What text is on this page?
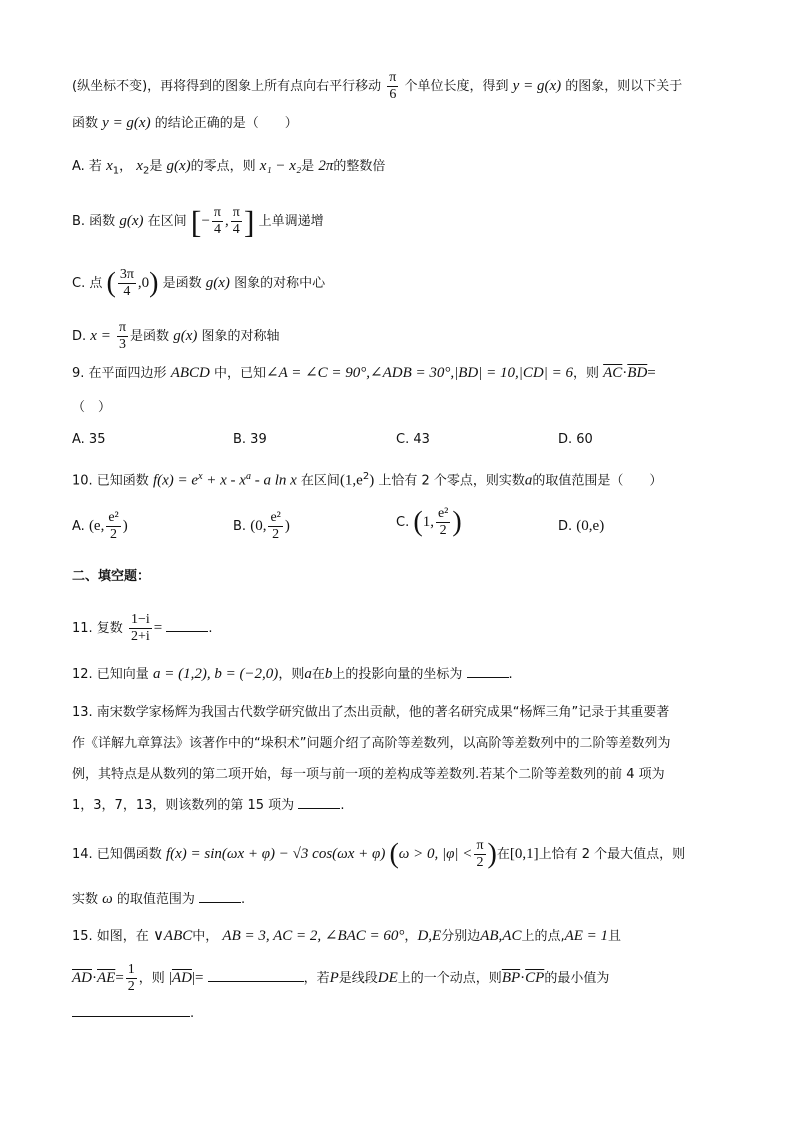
(纵坐标不变)，再将得到的图象上所有点向右平行移动 $\frac{\pi}{6}$ 个单位长度，得到 y = g(x) 的图象，则以下关于
函数 y = g(x) 的结论正确的是（　　）
A. 若 $x_1$， $x_2$是 g(x)的零点，则 x₁ − x₂是 2π的整数倍
B. 函数 g(x) 在区间 [− $\frac{\pi}{4}$ , $\frac{\pi}{4}$ ] 上单调递增
C. 点 ( $\frac{3\pi}{4} ,0$) 是函数 g(x) 图象的对称中心
D. $x = \frac{\pi}{3}$ 是函数 g(x) 图象的对称轴
9. 在平面四边形 ABCD 中，已知∠A = ∠C = 90°,∠ADB = 30°,|BD| = 10,|CD| = 6，则 $\overline{AC}\cdot\overline{BD}=$
（　）
A. 35	B. 39	C. 43	D. 60
10. 已知函数 $f(x) = e^x + x - x^a - a$ ln x 在区间$(1,e^2)$ 上恰有 2 个零点，则实数a的取值范围是（　　）
A. (e, $\frac{\text{e²}}{2}$ )	B. (0, $\frac{\text{e²}}{2}$ )	C. (1, $\frac{\text{e²}}{2}$ )	D. (0,e)
二、填空题：
11. 复数 $\frac{1-i}{2+i}$ =	.
12. 已知向量 a = (1,2), b = (−2,0)，则a在b上的投影向量的坐标为	.
13. 南宋数学家杨辉为我国古代数学研究做出了杰出贡献，他的著名研究成果“杨辉三角”记录于其重要著
作《详解九章算法》该著作中的“垛积术”问题介绍了高阶等差数列，以高阶等差数列中的二阶等差数列为
例，其特点是从数列的第二项开始，每一项与前一项的差构成等差数列.若某个二阶等差数列的前 4 项为
1，3，7，13，则该数列的第 15 项为	.
14. 已知偶函数 f(x) = sin(ωx + φ) − √3 cos(ωx + φ) (ω > 0, $|\varphi| < \frac{\pi}{2}$ )在[0,1]上恰有 2 个最大值点，则
实数 ω 的取值范围为	.
15. 如图，在 ∨ABC中， AB = 3, AC = 2, ∠BAC = 60°，D,E分别边AB,AC上的点,AE = 1且
$\overline{AD}\cdot\overline{AE}= \frac{1}{2}$ ，则 $|\overline{AD}|=$	，若P是线段DE上的一个动点，则$\overline{BP}\cdot\overline{CP}$的最小值为
.
